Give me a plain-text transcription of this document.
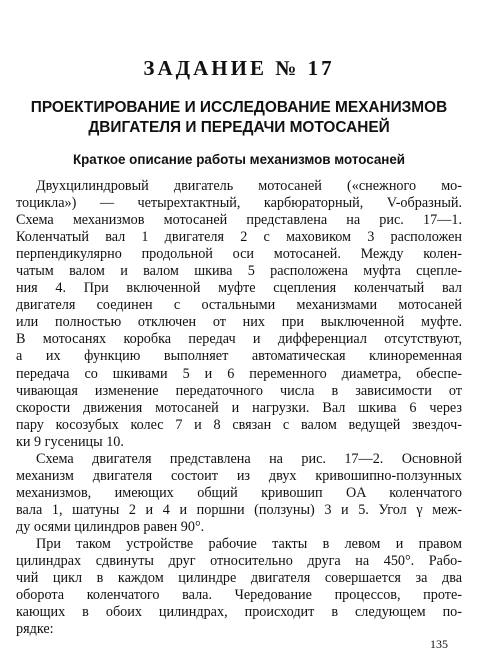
ЗАДАНИЕ № 17
ПРОЕКТИРОВАНИЕ И ИССЛЕДОВАНИЕ МЕХАНИЗМОВ
ДВИГАТЕЛЯ И ПЕРЕДАЧИ МОТОСАНЕЙ
Краткое описание работы механизмов мотосаней
Двухцилиндровый двигатель мотосаней («снежного мо-
тоцикла») — четырехтактный, карбюраторный, V-образный.
Схема механизмов мотосаней представлена на рис. 17—1.
Коленчатый вал 1 двигателя 2 с маховиком 3 расположен
перпендикулярно продольной оси мотосаней. Между колен-
чатым валом и валом шкива 5 расположена муфта сцепле-
ния 4. При включенной муфте сцепления коленчатый вал
двигателя соединен с остальными механизмами мотосаней
или полностью отключен от них при выключенной муфте.
В мотосанях коробка передач и дифференциал отсутствуют,
а их функцию выполняет автоматическая клиноременная
передача со шкивами 5 и 6 переменного диаметра, обеспе-
чивающая изменение передаточного числа в зависимости от
скорости движения мотосаней и нагрузки. Вал шкива 6 через
пару косозубых колес 7 и 8 связан с валом ведущей звездоч-
ки 9 гусеницы 10.
Схема двигателя представлена на рис. 17—2. Основной
механизм двигателя состоит из двух кривошипно-ползунных
механизмов, имеющих общий кривошип OA коленчатого
вала 1, шатуны 2 и 4 и поршни (ползуны) 3 и 5. Угол γ меж-
ду осями цилиндров равен 90°.
При таком устройстве рабочие такты в левом и правом
цилиндрах сдвинуты друг относительно друга на 450°. Рабо-
чий цикл в каждом цилиндре двигателя совершается за два
оборота коленчатого вала. Чередование процессов, проте-
кающих в обоих цилиндрах, происходит в следующем по-
рядке:
135
